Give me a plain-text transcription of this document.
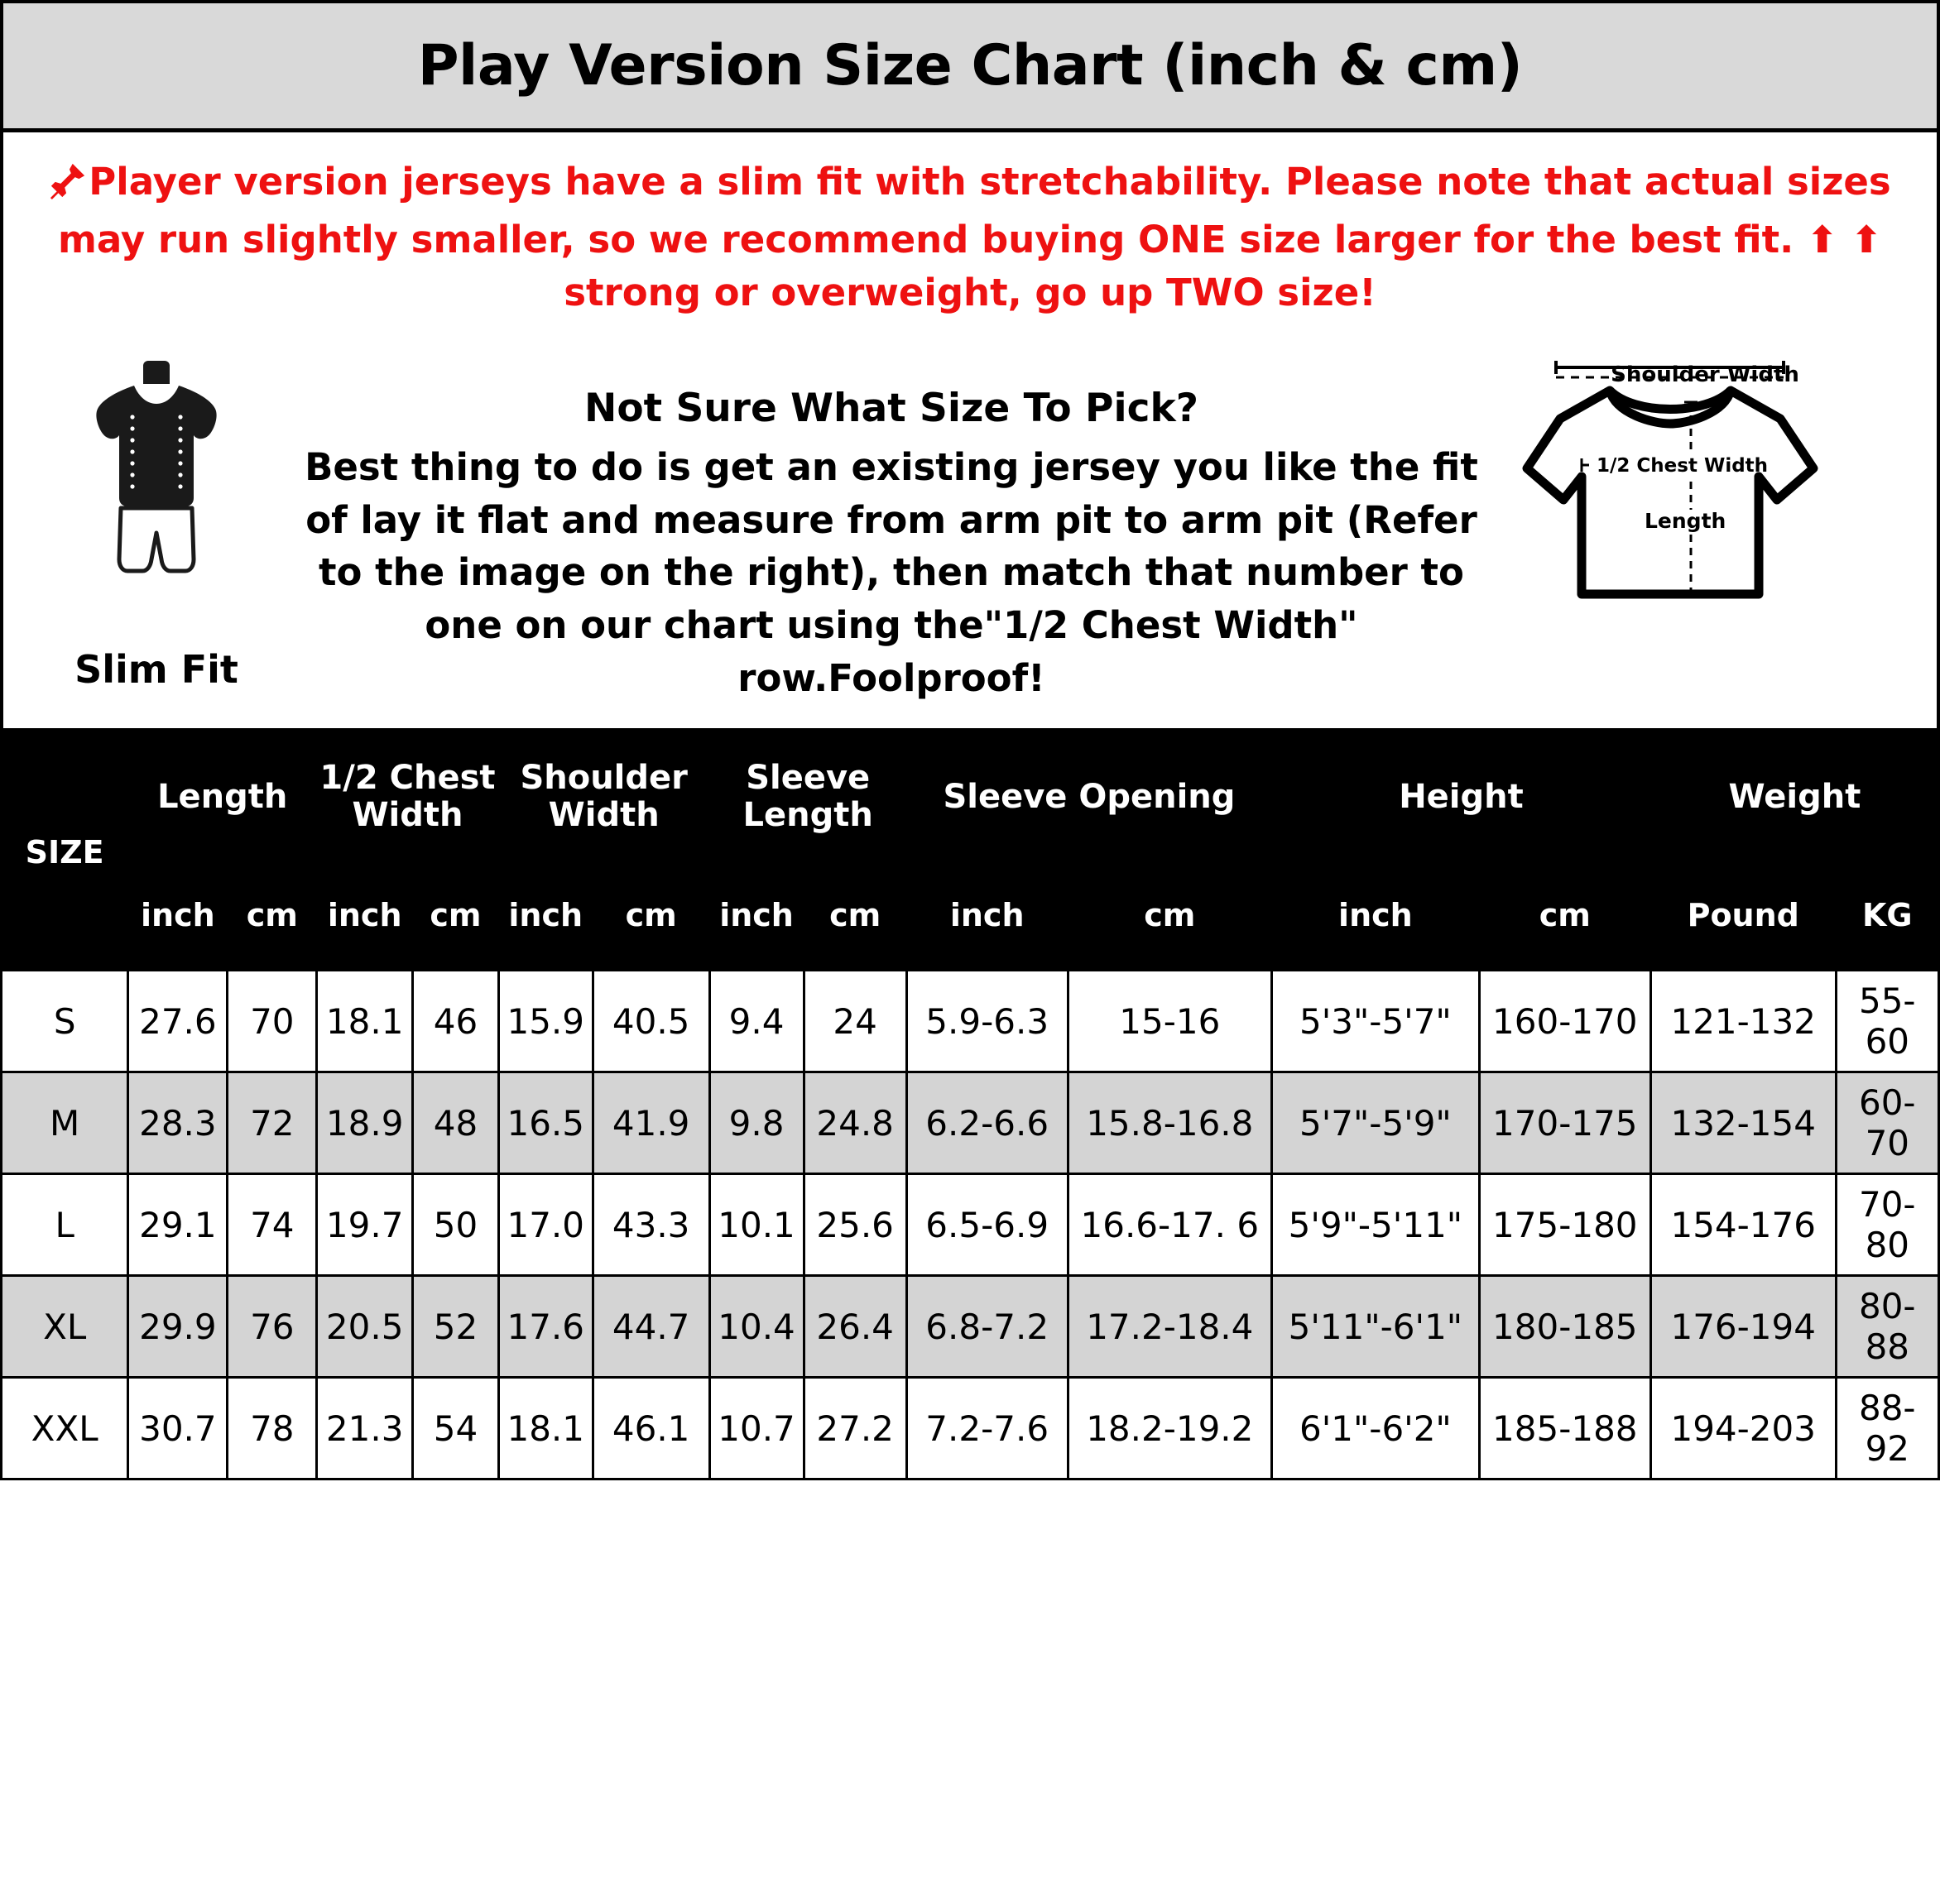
Play Version Size Chart (inch & cm)
Player version jerseys have a slim fit with stretchability. Please note that actual sizes may run slightly smaller, so we recommend buying ONE size larger for the best fit. ⬆ ⬆ strong or overweight, go up TWO size!
Slim Fit
Not Sure What Size To Pick?
Best thing to do is get an existing jersey you like the fit of lay it flat and measure from arm pit to arm pit (Refer to the image on the right), then match that number to one on our chart using the"1/2 Chest Width" row.Foolproof!
1/2 Chest Width
Length
Shoulder Width
SIZE	Length		1/2 Chest Width		Shoulder Width		Sleeve Length		Sleeve Opening		Height		Weight	
	inch	cm	inch	cm	inch	cm	inch	cm	inch	cm	inch	cm	Pound	KG
S	27.6	70	18.1	46	15.9	40.5	9.4	24	5.9-6.3	15-16	5'3"-5'7"	160-170	121-132	55-60
M	28.3	72	18.9	48	16.5	41.9	9.8	24.8	6.2-6.6	15.8-16.8	5'7"-5'9"	170-175	132-154	60-70
L	29.1	74	19.7	50	17.0	43.3	10.1	25.6	6.5-6.9	16.6-17. 6	5'9"-5'11"	175-180	154-176	70-80
XL	29.9	76	20.5	52	17.6	44.7	10.4	26.4	6.8-7.2	17.2-18.4	5'11"-6'1"	180-185	176-194	80-88
XXL	30.7	78	21.3	54	18.1	46.1	10.7	27.2	7.2-7.6	18.2-19.2	6'1"-6'2"	185-188	194-203	88-92
